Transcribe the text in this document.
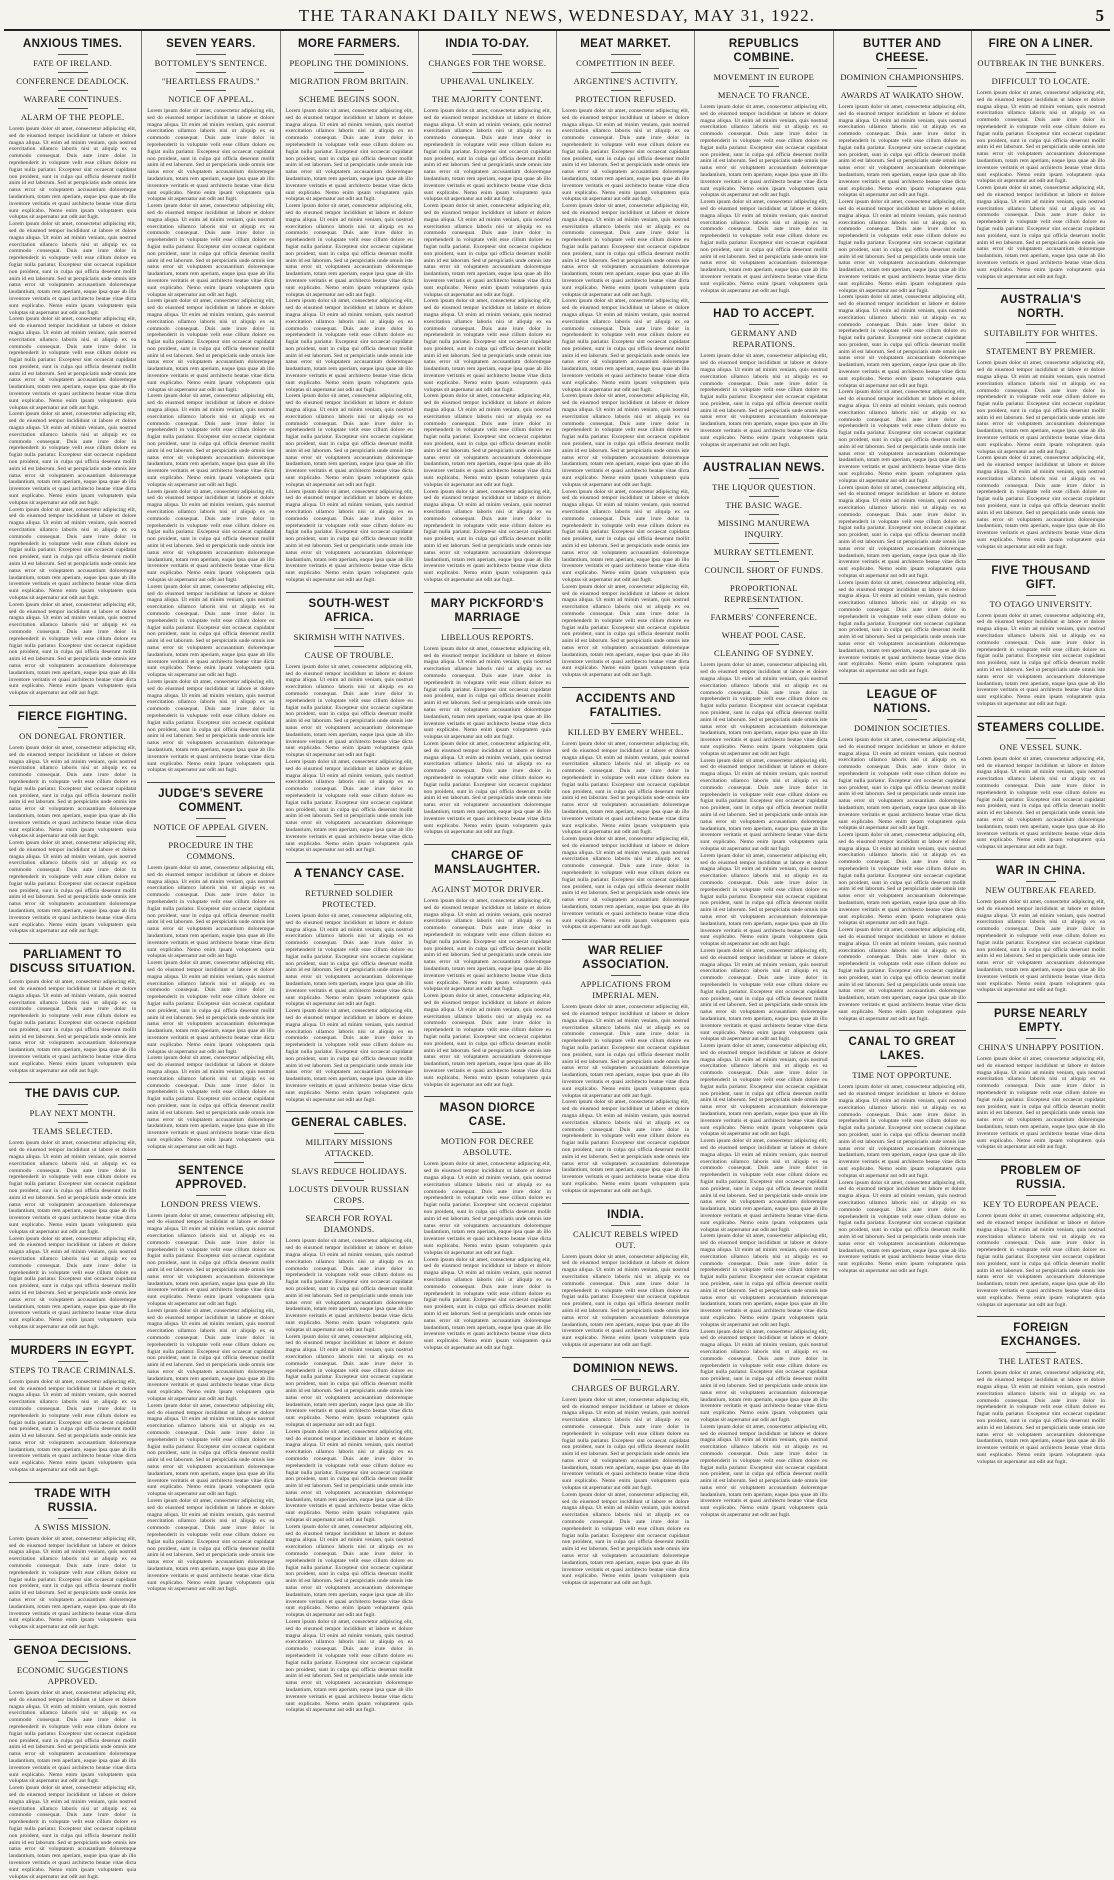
THE TARANAKI DAILY NEWS, WEDNESDAY, MAY 31, 1922.	5
ANXIOUS TIMES.
FATE OF IRELAND.
CONFERENCE DEADLOCK.
WARFARE CONTINUES.
ALARM OF THE PEOPLE.

Lorem ipsum dolor sit amet, consectetur adipiscing elit, sed do eiusmod tempor incididunt ut labore et dolore magna aliqua. Ut enim ad minim veniam, quis nostrud exercitation ullamco laboris nisi ut aliquip ex ea commodo consequat. Duis aute irure dolor in reprehenderit in voluptate velit esse cillum dolore eu fugiat nulla pariatur. Excepteur sint occaecat cupidatat non proident, sunt in culpa qui officia deserunt mollit anim id est laborum. Sed ut perspiciatis unde omnis iste natus error sit voluptatem accusantium doloremque laudantium, totam rem aperiam, eaque ipsa quae ab illo inventore veritatis et quasi architecto beatae vitae dicta sunt explicabo. Nemo enim ipsam voluptatem quia voluptas sit aspernatur aut odit aut fugit.

Lorem ipsum dolor sit amet, consectetur adipiscing elit, sed do eiusmod tempor incididunt ut labore et dolore magna aliqua. Ut enim ad minim veniam, quis nostrud exercitation ullamco laboris nisi ut aliquip ex ea commodo consequat. Duis aute irure dolor in reprehenderit in voluptate velit esse cillum dolore eu fugiat nulla pariatur. Excepteur sint occaecat cupidatat non proident, sunt in culpa qui officia deserunt mollit anim id est laborum. Sed ut perspiciatis unde omnis iste natus error sit voluptatem accusantium doloremque laudantium, totam rem aperiam, eaque ipsa quae ab illo inventore veritatis et quasi architecto beatae vitae dicta sunt explicabo. Nemo enim ipsam voluptatem quia voluptas sit aspernatur aut odit aut fugit.

Lorem ipsum dolor sit amet, consectetur adipiscing elit, sed do eiusmod tempor incididunt ut labore et dolore magna aliqua. Ut enim ad minim veniam, quis nostrud exercitation ullamco laboris nisi ut aliquip ex ea commodo consequat. Duis aute irure dolor in reprehenderit in voluptate velit esse cillum dolore eu fugiat nulla pariatur. Excepteur sint occaecat cupidatat non proident, sunt in culpa qui officia deserunt mollit anim id est laborum. Sed ut perspiciatis unde omnis iste natus error sit voluptatem accusantium doloremque laudantium, totam rem aperiam, eaque ipsa quae ab illo inventore veritatis et quasi architecto beatae vitae dicta sunt explicabo. Nemo enim ipsam voluptatem quia voluptas sit aspernatur aut odit aut fugit.

Lorem ipsum dolor sit amet, consectetur adipiscing elit, sed do eiusmod tempor incididunt ut labore et dolore magna aliqua. Ut enim ad minim veniam, quis nostrud exercitation ullamco laboris nisi ut aliquip ex ea commodo consequat. Duis aute irure dolor in reprehenderit in voluptate velit esse cillum dolore eu fugiat nulla pariatur. Excepteur sint occaecat cupidatat non proident, sunt in culpa qui officia deserunt mollit anim id est laborum. Sed ut perspiciatis unde omnis iste natus error sit voluptatem accusantium doloremque laudantium, totam rem aperiam, eaque ipsa quae ab illo inventore veritatis et quasi architecto beatae vitae dicta sunt explicabo. Nemo enim ipsam voluptatem quia voluptas sit aspernatur aut odit aut fugit.

Lorem ipsum dolor sit amet, consectetur adipiscing elit, sed do eiusmod tempor incididunt ut labore et dolore magna aliqua. Ut enim ad minim veniam, quis nostrud exercitation ullamco laboris nisi ut aliquip ex ea commodo consequat. Duis aute irure dolor in reprehenderit in voluptate velit esse cillum dolore eu fugiat nulla pariatur. Excepteur sint occaecat cupidatat non proident, sunt in culpa qui officia deserunt mollit anim id est laborum. Sed ut perspiciatis unde omnis iste natus error sit voluptatem accusantium doloremque laudantium, totam rem aperiam, eaque ipsa quae ab illo inventore veritatis et quasi architecto beatae vitae dicta sunt explicabo. Nemo enim ipsam voluptatem quia voluptas sit aspernatur aut odit aut fugit.

Lorem ipsum dolor sit amet, consectetur adipiscing elit, sed do eiusmod tempor incididunt ut labore et dolore magna aliqua. Ut enim ad minim veniam, quis nostrud exercitation ullamco laboris nisi ut aliquip ex ea commodo consequat. Duis aute irure dolor in reprehenderit in voluptate velit esse cillum dolore eu fugiat nulla pariatur. Excepteur sint occaecat cupidatat non proident, sunt in culpa qui officia deserunt mollit anim id est laborum. Sed ut perspiciatis unde omnis iste natus error sit voluptatem accusantium doloremque laudantium, totam rem aperiam, eaque ipsa quae ab illo inventore veritatis et quasi architecto beatae vitae dicta sunt explicabo. Nemo enim ipsam voluptatem quia voluptas sit aspernatur aut odit aut fugit.

FIERCE FIGHTING.
ON DONEGAL FRONTIER.

Lorem ipsum dolor sit amet, consectetur adipiscing elit, sed do eiusmod tempor incididunt ut labore et dolore magna aliqua. Ut enim ad minim veniam, quis nostrud exercitation ullamco laboris nisi ut aliquip ex ea commodo consequat. Duis aute irure dolor in reprehenderit in voluptate velit esse cillum dolore eu fugiat nulla pariatur. Excepteur sint occaecat cupidatat non proident, sunt in culpa qui officia deserunt mollit anim id est laborum. Sed ut perspiciatis unde omnis iste natus error sit voluptatem accusantium doloremque laudantium, totam rem aperiam, eaque ipsa quae ab illo inventore veritatis et quasi architecto beatae vitae dicta sunt explicabo. Nemo enim ipsam voluptatem quia voluptas sit aspernatur aut odit aut fugit.

Lorem ipsum dolor sit amet, consectetur adipiscing elit, sed do eiusmod tempor incididunt ut labore et dolore magna aliqua. Ut enim ad minim veniam, quis nostrud exercitation ullamco laboris nisi ut aliquip ex ea commodo consequat. Duis aute irure dolor in reprehenderit in voluptate velit esse cillum dolore eu fugiat nulla pariatur. Excepteur sint occaecat cupidatat non proident, sunt in culpa qui officia deserunt mollit anim id est laborum. Sed ut perspiciatis unde omnis iste natus error sit voluptatem accusantium doloremque laudantium, totam rem aperiam, eaque ipsa quae ab illo inventore veritatis et quasi architecto beatae vitae dicta sunt explicabo. Nemo enim ipsam voluptatem quia voluptas sit aspernatur aut odit aut fugit.

PARLIAMENT TO DISCUSS SITUATION.

Lorem ipsum dolor sit amet, consectetur adipiscing elit, sed do eiusmod tempor incididunt ut labore et dolore magna aliqua. Ut enim ad minim veniam, quis nostrud exercitation ullamco laboris nisi ut aliquip ex ea commodo consequat. Duis aute irure dolor in reprehenderit in voluptate velit esse cillum dolore eu fugiat nulla pariatur. Excepteur sint occaecat cupidatat non proident, sunt in culpa qui officia deserunt mollit anim id est laborum. Sed ut perspiciatis unde omnis iste natus error sit voluptatem accusantium doloremque laudantium, totam rem aperiam, eaque ipsa quae ab illo inventore veritatis et quasi architecto beatae vitae dicta sunt explicabo. Nemo enim ipsam voluptatem quia voluptas sit aspernatur aut odit aut fugit.

THE DAVIS CUP.
PLAY NEXT MONTH.
TEAMS SELECTED.

Lorem ipsum dolor sit amet, consectetur adipiscing elit, sed do eiusmod tempor incididunt ut labore et dolore magna aliqua. Ut enim ad minim veniam, quis nostrud exercitation ullamco laboris nisi ut aliquip ex ea commodo consequat. Duis aute irure dolor in reprehenderit in voluptate velit esse cillum dolore eu fugiat nulla pariatur. Excepteur sint occaecat cupidatat non proident, sunt in culpa qui officia deserunt mollit anim id est laborum. Sed ut perspiciatis unde omnis iste natus error sit voluptatem accusantium doloremque laudantium, totam rem aperiam, eaque ipsa quae ab illo inventore veritatis et quasi architecto beatae vitae dicta sunt explicabo. Nemo enim ipsam voluptatem quia voluptas sit aspernatur aut odit aut fugit.

Lorem ipsum dolor sit amet, consectetur adipiscing elit, sed do eiusmod tempor incididunt ut labore et dolore magna aliqua. Ut enim ad minim veniam, quis nostrud exercitation ullamco laboris nisi ut aliquip ex ea commodo consequat. Duis aute irure dolor in reprehenderit in voluptate velit esse cillum dolore eu fugiat nulla pariatur. Excepteur sint occaecat cupidatat non proident, sunt in culpa qui officia deserunt mollit anim id est laborum. Sed ut perspiciatis unde omnis iste natus error sit voluptatem accusantium doloremque laudantium, totam rem aperiam, eaque ipsa quae ab illo inventore veritatis et quasi architecto beatae vitae dicta sunt explicabo. Nemo enim ipsam voluptatem quia voluptas sit aspernatur aut odit aut fugit.

MURDERS IN EGYPT.
STEPS TO TRACE CRIMINALS.

Lorem ipsum dolor sit amet, consectetur adipiscing elit, sed do eiusmod tempor incididunt ut labore et dolore magna aliqua. Ut enim ad minim veniam, quis nostrud exercitation ullamco laboris nisi ut aliquip ex ea commodo consequat. Duis aute irure dolor in reprehenderit in voluptate velit esse cillum dolore eu fugiat nulla pariatur. Excepteur sint occaecat cupidatat non proident, sunt in culpa qui officia deserunt mollit anim id est laborum. Sed ut perspiciatis unde omnis iste natus error sit voluptatem accusantium doloremque laudantium, totam rem aperiam, eaque ipsa quae ab illo inventore veritatis et quasi architecto beatae vitae dicta sunt explicabo. Nemo enim ipsam voluptatem quia voluptas sit aspernatur aut odit aut fugit.

TRADE WITH RUSSIA.
A SWISS MISSION.

Lorem ipsum dolor sit amet, consectetur adipiscing elit, sed do eiusmod tempor incididunt ut labore et dolore magna aliqua. Ut enim ad minim veniam, quis nostrud exercitation ullamco laboris nisi ut aliquip ex ea commodo consequat. Duis aute irure dolor in reprehenderit in voluptate velit esse cillum dolore eu fugiat nulla pariatur. Excepteur sint occaecat cupidatat non proident, sunt in culpa qui officia deserunt mollit anim id est laborum. Sed ut perspiciatis unde omnis iste natus error sit voluptatem accusantium doloremque laudantium, totam rem aperiam, eaque ipsa quae ab illo inventore veritatis et quasi architecto beatae vitae dicta sunt explicabo. Nemo enim ipsam voluptatem quia voluptas sit aspernatur aut odit aut fugit.

GENOA DECISIONS.
ECONOMIC SUGGESTIONS APPROVED.

Lorem ipsum dolor sit amet, consectetur adipiscing elit, sed do eiusmod tempor incididunt ut labore et dolore magna aliqua. Ut enim ad minim veniam, quis nostrud exercitation ullamco laboris nisi ut aliquip ex ea commodo consequat. Duis aute irure dolor in reprehenderit in voluptate velit esse cillum dolore eu fugiat nulla pariatur. Excepteur sint occaecat cupidatat non proident, sunt in culpa qui officia deserunt mollit anim id est laborum. Sed ut perspiciatis unde omnis iste natus error sit voluptatem accusantium doloremque laudantium, totam rem aperiam, eaque ipsa quae ab illo inventore veritatis et quasi architecto beatae vitae dicta sunt explicabo. Nemo enim ipsam voluptatem quia voluptas sit aspernatur aut odit aut fugit.

Lorem ipsum dolor sit amet, consectetur adipiscing elit, sed do eiusmod tempor incididunt ut labore et dolore magna aliqua. Ut enim ad minim veniam, quis nostrud exercitation ullamco laboris nisi ut aliquip ex ea commodo consequat. Duis aute irure dolor in reprehenderit in voluptate velit esse cillum dolore eu fugiat nulla pariatur. Excepteur sint occaecat cupidatat non proident, sunt in culpa qui officia deserunt mollit anim id est laborum. Sed ut perspiciatis unde omnis iste natus error sit voluptatem accusantium doloremque laudantium, totam rem aperiam, eaque ipsa quae ab illo inventore veritatis et quasi architecto beatae vitae dicta sunt explicabo. Nemo enim ipsam voluptatem quia voluptas sit aspernatur aut odit aut fugit.

SEVEN YEARS.
BOTTOMLEY'S SENTENCE.
"HEARTLESS FRAUDS."
NOTICE OF APPEAL.

Lorem ipsum dolor sit amet, consectetur adipiscing elit, sed do eiusmod tempor incididunt ut labore et dolore magna aliqua. Ut enim ad minim veniam, quis nostrud exercitation ullamco laboris nisi ut aliquip ex ea commodo consequat. Duis aute irure dolor in reprehenderit in voluptate velit esse cillum dolore eu fugiat nulla pariatur. Excepteur sint occaecat cupidatat non proident, sunt in culpa qui officia deserunt mollit anim id est laborum. Sed ut perspiciatis unde omnis iste natus error sit voluptatem accusantium doloremque laudantium, totam rem aperiam, eaque ipsa quae ab illo inventore veritatis et quasi architecto beatae vitae dicta sunt explicabo. Nemo enim ipsam voluptatem quia voluptas sit aspernatur aut odit aut fugit.

Lorem ipsum dolor sit amet, consectetur adipiscing elit, sed do eiusmod tempor incididunt ut labore et dolore magna aliqua. Ut enim ad minim veniam, quis nostrud exercitation ullamco laboris nisi ut aliquip ex ea commodo consequat. Duis aute irure dolor in reprehenderit in voluptate velit esse cillum dolore eu fugiat nulla pariatur. Excepteur sint occaecat cupidatat non proident, sunt in culpa qui officia deserunt mollit anim id est laborum. Sed ut perspiciatis unde omnis iste natus error sit voluptatem accusantium doloremque laudantium, totam rem aperiam, eaque ipsa quae ab illo inventore veritatis et quasi architecto beatae vitae dicta sunt explicabo. Nemo enim ipsam voluptatem quia voluptas sit aspernatur aut odit aut fugit.

Lorem ipsum dolor sit amet, consectetur adipiscing elit, sed do eiusmod tempor incididunt ut labore et dolore magna aliqua. Ut enim ad minim veniam, quis nostrud exercitation ullamco laboris nisi ut aliquip ex ea commodo consequat. Duis aute irure dolor in reprehenderit in voluptate velit esse cillum dolore eu fugiat nulla pariatur. Excepteur sint occaecat cupidatat non proident, sunt in culpa qui officia deserunt mollit anim id est laborum. Sed ut perspiciatis unde omnis iste natus error sit voluptatem accusantium doloremque laudantium, totam rem aperiam, eaque ipsa quae ab illo inventore veritatis et quasi architecto beatae vitae dicta sunt explicabo. Nemo enim ipsam voluptatem quia voluptas sit aspernatur aut odit aut fugit.

Lorem ipsum dolor sit amet, consectetur adipiscing elit, sed do eiusmod tempor incididunt ut labore et dolore magna aliqua. Ut enim ad minim veniam, quis nostrud exercitation ullamco laboris nisi ut aliquip ex ea commodo consequat. Duis aute irure dolor in reprehenderit in voluptate velit esse cillum dolore eu fugiat nulla pariatur. Excepteur sint occaecat cupidatat non proident, sunt in culpa qui officia deserunt mollit anim id est laborum. Sed ut perspiciatis unde omnis iste natus error sit voluptatem accusantium doloremque laudantium, totam rem aperiam, eaque ipsa quae ab illo inventore veritatis et quasi architecto beatae vitae dicta sunt explicabo. Nemo enim ipsam voluptatem quia voluptas sit aspernatur aut odit aut fugit.

Lorem ipsum dolor sit amet, consectetur adipiscing elit, sed do eiusmod tempor incididunt ut labore et dolore magna aliqua. Ut enim ad minim veniam, quis nostrud exercitation ullamco laboris nisi ut aliquip ex ea commodo consequat. Duis aute irure dolor in reprehenderit in voluptate velit esse cillum dolore eu fugiat nulla pariatur. Excepteur sint occaecat cupidatat non proident, sunt in culpa qui officia deserunt mollit anim id est laborum. Sed ut perspiciatis unde omnis iste natus error sit voluptatem accusantium doloremque laudantium, totam rem aperiam, eaque ipsa quae ab illo inventore veritatis et quasi architecto beatae vitae dicta sunt explicabo. Nemo enim ipsam voluptatem quia voluptas sit aspernatur aut odit aut fugit.

Lorem ipsum dolor sit amet, consectetur adipiscing elit, sed do eiusmod tempor incididunt ut labore et dolore magna aliqua. Ut enim ad minim veniam, quis nostrud exercitation ullamco laboris nisi ut aliquip ex ea commodo consequat. Duis aute irure dolor in reprehenderit in voluptate velit esse cillum dolore eu fugiat nulla pariatur. Excepteur sint occaecat cupidatat non proident, sunt in culpa qui officia deserunt mollit anim id est laborum. Sed ut perspiciatis unde omnis iste natus error sit voluptatem accusantium doloremque laudantium, totam rem aperiam, eaque ipsa quae ab illo inventore veritatis et quasi architecto beatae vitae dicta sunt explicabo. Nemo enim ipsam voluptatem quia voluptas sit aspernatur aut odit aut fugit.

Lorem ipsum dolor sit amet, consectetur adipiscing elit, sed do eiusmod tempor incididunt ut labore et dolore magna aliqua. Ut enim ad minim veniam, quis nostrud exercitation ullamco laboris nisi ut aliquip ex ea commodo consequat. Duis aute irure dolor in reprehenderit in voluptate velit esse cillum dolore eu fugiat nulla pariatur. Excepteur sint occaecat cupidatat non proident, sunt in culpa qui officia deserunt mollit anim id est laborum. Sed ut perspiciatis unde omnis iste natus error sit voluptatem accusantium doloremque laudantium, totam rem aperiam, eaque ipsa quae ab illo inventore veritatis et quasi architecto beatae vitae dicta sunt explicabo. Nemo enim ipsam voluptatem quia voluptas sit aspernatur aut odit aut fugit.

JUDGE'S SEVERE COMMENT.
NOTICE OF APPEAL GIVEN.
PROCEDURE IN THE COMMONS.

Lorem ipsum dolor sit amet, consectetur adipiscing elit, sed do eiusmod tempor incididunt ut labore et dolore magna aliqua. Ut enim ad minim veniam, quis nostrud exercitation ullamco laboris nisi ut aliquip ex ea commodo consequat. Duis aute irure dolor in reprehenderit in voluptate velit esse cillum dolore eu fugiat nulla pariatur. Excepteur sint occaecat cupidatat non proident, sunt in culpa qui officia deserunt mollit anim id est laborum. Sed ut perspiciatis unde omnis iste natus error sit voluptatem accusantium doloremque laudantium, totam rem aperiam, eaque ipsa quae ab illo inventore veritatis et quasi architecto beatae vitae dicta sunt explicabo. Nemo enim ipsam voluptatem quia voluptas sit aspernatur aut odit aut fugit.

Lorem ipsum dolor sit amet, consectetur adipiscing elit, sed do eiusmod tempor incididunt ut labore et dolore magna aliqua. Ut enim ad minim veniam, quis nostrud exercitation ullamco laboris nisi ut aliquip ex ea commodo consequat. Duis aute irure dolor in reprehenderit in voluptate velit esse cillum dolore eu fugiat nulla pariatur. Excepteur sint occaecat cupidatat non proident, sunt in culpa qui officia deserunt mollit anim id est laborum. Sed ut perspiciatis unde omnis iste natus error sit voluptatem accusantium doloremque laudantium, totam rem aperiam, eaque ipsa quae ab illo inventore veritatis et quasi architecto beatae vitae dicta sunt explicabo. Nemo enim ipsam voluptatem quia voluptas sit aspernatur aut odit aut fugit.

Lorem ipsum dolor sit amet, consectetur adipiscing elit, sed do eiusmod tempor incididunt ut labore et dolore magna aliqua. Ut enim ad minim veniam, quis nostrud exercitation ullamco laboris nisi ut aliquip ex ea commodo consequat. Duis aute irure dolor in reprehenderit in voluptate velit esse cillum dolore eu fugiat nulla pariatur. Excepteur sint occaecat cupidatat non proident, sunt in culpa qui officia deserunt mollit anim id est laborum. Sed ut perspiciatis unde omnis iste natus error sit voluptatem accusantium doloremque laudantium, totam rem aperiam, eaque ipsa quae ab illo inventore veritatis et quasi architecto beatae vitae dicta sunt explicabo. Nemo enim ipsam voluptatem quia voluptas sit aspernatur aut odit aut fugit.

SENTENCE APPROVED.
LONDON PRESS VIEWS.

Lorem ipsum dolor sit amet, consectetur adipiscing elit, sed do eiusmod tempor incididunt ut labore et dolore magna aliqua. Ut enim ad minim veniam, quis nostrud exercitation ullamco laboris nisi ut aliquip ex ea commodo consequat. Duis aute irure dolor in reprehenderit in voluptate velit esse cillum dolore eu fugiat nulla pariatur. Excepteur sint occaecat cupidatat non proident, sunt in culpa qui officia deserunt mollit anim id est laborum. Sed ut perspiciatis unde omnis iste natus error sit voluptatem accusantium doloremque laudantium, totam rem aperiam, eaque ipsa quae ab illo inventore veritatis et quasi architecto beatae vitae dicta sunt explicabo. Nemo enim ipsam voluptatem quia voluptas sit aspernatur aut odit aut fugit.

Lorem ipsum dolor sit amet, consectetur adipiscing elit, sed do eiusmod tempor incididunt ut labore et dolore magna aliqua. Ut enim ad minim veniam, quis nostrud exercitation ullamco laboris nisi ut aliquip ex ea commodo consequat. Duis aute irure dolor in reprehenderit in voluptate velit esse cillum dolore eu fugiat nulla pariatur. Excepteur sint occaecat cupidatat non proident, sunt in culpa qui officia deserunt mollit anim id est laborum. Sed ut perspiciatis unde omnis iste natus error sit voluptatem accusantium doloremque laudantium, totam rem aperiam, eaque ipsa quae ab illo inventore veritatis et quasi architecto beatae vitae dicta sunt explicabo. Nemo enim ipsam voluptatem quia voluptas sit aspernatur aut odit aut fugit.

Lorem ipsum dolor sit amet, consectetur adipiscing elit, sed do eiusmod tempor incididunt ut labore et dolore magna aliqua. Ut enim ad minim veniam, quis nostrud exercitation ullamco laboris nisi ut aliquip ex ea commodo consequat. Duis aute irure dolor in reprehenderit in voluptate velit esse cillum dolore eu fugiat nulla pariatur. Excepteur sint occaecat cupidatat non proident, sunt in culpa qui officia deserunt mollit anim id est laborum. Sed ut perspiciatis unde omnis iste natus error sit voluptatem accusantium doloremque laudantium, totam rem aperiam, eaque ipsa quae ab illo inventore veritatis et quasi architecto beatae vitae dicta sunt explicabo. Nemo enim ipsam voluptatem quia voluptas sit aspernatur aut odit aut fugit.

Lorem ipsum dolor sit amet, consectetur adipiscing elit, sed do eiusmod tempor incididunt ut labore et dolore magna aliqua. Ut enim ad minim veniam, quis nostrud exercitation ullamco laboris nisi ut aliquip ex ea commodo consequat. Duis aute irure dolor in reprehenderit in voluptate velit esse cillum dolore eu fugiat nulla pariatur. Excepteur sint occaecat cupidatat non proident, sunt in culpa qui officia deserunt mollit anim id est laborum. Sed ut perspiciatis unde omnis iste natus error sit voluptatem accusantium doloremque laudantium, totam rem aperiam, eaque ipsa quae ab illo inventore veritatis et quasi architecto beatae vitae dicta sunt explicabo. Nemo enim ipsam voluptatem quia voluptas sit aspernatur aut odit aut fugit.

MORE FARMERS.
PEOPLING THE DOMINIONS.
MIGRATION FROM BRITAIN.
SCHEME BEGINS SOON.

Lorem ipsum dolor sit amet, consectetur adipiscing elit, sed do eiusmod tempor incididunt ut labore et dolore magna aliqua. Ut enim ad minim veniam, quis nostrud exercitation ullamco laboris nisi ut aliquip ex ea commodo consequat. Duis aute irure dolor in reprehenderit in voluptate velit esse cillum dolore eu fugiat nulla pariatur. Excepteur sint occaecat cupidatat non proident, sunt in culpa qui officia deserunt mollit anim id est laborum. Sed ut perspiciatis unde omnis iste natus error sit voluptatem accusantium doloremque laudantium, totam rem aperiam, eaque ipsa quae ab illo inventore veritatis et quasi architecto beatae vitae dicta sunt explicabo. Nemo enim ipsam voluptatem quia voluptas sit aspernatur aut odit aut fugit.

Lorem ipsum dolor sit amet, consectetur adipiscing elit, sed do eiusmod tempor incididunt ut labore et dolore magna aliqua. Ut enim ad minim veniam, quis nostrud exercitation ullamco laboris nisi ut aliquip ex ea commodo consequat. Duis aute irure dolor in reprehenderit in voluptate velit esse cillum dolore eu fugiat nulla pariatur. Excepteur sint occaecat cupidatat non proident, sunt in culpa qui officia deserunt mollit anim id est laborum. Sed ut perspiciatis unde omnis iste natus error sit voluptatem accusantium doloremque laudantium, totam rem aperiam, eaque ipsa quae ab illo inventore veritatis et quasi architecto beatae vitae dicta sunt explicabo. Nemo enim ipsam voluptatem quia voluptas sit aspernatur aut odit aut fugit.

Lorem ipsum dolor sit amet, consectetur adipiscing elit, sed do eiusmod tempor incididunt ut labore et dolore magna aliqua. Ut enim ad minim veniam, quis nostrud exercitation ullamco laboris nisi ut aliquip ex ea commodo consequat. Duis aute irure dolor in reprehenderit in voluptate velit esse cillum dolore eu fugiat nulla pariatur. Excepteur sint occaecat cupidatat non proident, sunt in culpa qui officia deserunt mollit anim id est laborum. Sed ut perspiciatis unde omnis iste natus error sit voluptatem accusantium doloremque laudantium, totam rem aperiam, eaque ipsa quae ab illo inventore veritatis et quasi architecto beatae vitae dicta sunt explicabo. Nemo enim ipsam voluptatem quia voluptas sit aspernatur aut odit aut fugit.

Lorem ipsum dolor sit amet, consectetur adipiscing elit, sed do eiusmod tempor incididunt ut labore et dolore magna aliqua. Ut enim ad minim veniam, quis nostrud exercitation ullamco laboris nisi ut aliquip ex ea commodo consequat. Duis aute irure dolor in reprehenderit in voluptate velit esse cillum dolore eu fugiat nulla pariatur. Excepteur sint occaecat cupidatat non proident, sunt in culpa qui officia deserunt mollit anim id est laborum. Sed ut perspiciatis unde omnis iste natus error sit voluptatem accusantium doloremque laudantium, totam rem aperiam, eaque ipsa quae ab illo inventore veritatis et quasi architecto beatae vitae dicta sunt explicabo. Nemo enim ipsam voluptatem quia voluptas sit aspernatur aut odit aut fugit.

Lorem ipsum dolor sit amet, consectetur adipiscing elit, sed do eiusmod tempor incididunt ut labore et dolore magna aliqua. Ut enim ad minim veniam, quis nostrud exercitation ullamco laboris nisi ut aliquip ex ea commodo consequat. Duis aute irure dolor in reprehenderit in voluptate velit esse cillum dolore eu fugiat nulla pariatur. Excepteur sint occaecat cupidatat non proident, sunt in culpa qui officia deserunt mollit anim id est laborum. Sed ut perspiciatis unde omnis iste natus error sit voluptatem accusantium doloremque laudantium, totam rem aperiam, eaque ipsa quae ab illo inventore veritatis et quasi architecto beatae vitae dicta sunt explicabo. Nemo enim ipsam voluptatem quia voluptas sit aspernatur aut odit aut fugit.

SOUTH-WEST AFRICA.
SKIRMISH WITH NATIVES.
CAUSE OF TROUBLE.

Lorem ipsum dolor sit amet, consectetur adipiscing elit, sed do eiusmod tempor incididunt ut labore et dolore magna aliqua. Ut enim ad minim veniam, quis nostrud exercitation ullamco laboris nisi ut aliquip ex ea commodo consequat. Duis aute irure dolor in reprehenderit in voluptate velit esse cillum dolore eu fugiat nulla pariatur. Excepteur sint occaecat cupidatat non proident, sunt in culpa qui officia deserunt mollit anim id est laborum. Sed ut perspiciatis unde omnis iste natus error sit voluptatem accusantium doloremque laudantium, totam rem aperiam, eaque ipsa quae ab illo inventore veritatis et quasi architecto beatae vitae dicta sunt explicabo. Nemo enim ipsam voluptatem quia voluptas sit aspernatur aut odit aut fugit.

Lorem ipsum dolor sit amet, consectetur adipiscing elit, sed do eiusmod tempor incididunt ut labore et dolore magna aliqua. Ut enim ad minim veniam, quis nostrud exercitation ullamco laboris nisi ut aliquip ex ea commodo consequat. Duis aute irure dolor in reprehenderit in voluptate velit esse cillum dolore eu fugiat nulla pariatur. Excepteur sint occaecat cupidatat non proident, sunt in culpa qui officia deserunt mollit anim id est laborum. Sed ut perspiciatis unde omnis iste natus error sit voluptatem accusantium doloremque laudantium, totam rem aperiam, eaque ipsa quae ab illo inventore veritatis et quasi architecto beatae vitae dicta sunt explicabo. Nemo enim ipsam voluptatem quia voluptas sit aspernatur aut odit aut fugit.

A TENANCY CASE.
RETURNED SOLDIER PROTECTED.

Lorem ipsum dolor sit amet, consectetur adipiscing elit, sed do eiusmod tempor incididunt ut labore et dolore magna aliqua. Ut enim ad minim veniam, quis nostrud exercitation ullamco laboris nisi ut aliquip ex ea commodo consequat. Duis aute irure dolor in reprehenderit in voluptate velit esse cillum dolore eu fugiat nulla pariatur. Excepteur sint occaecat cupidatat non proident, sunt in culpa qui officia deserunt mollit anim id est laborum. Sed ut perspiciatis unde omnis iste natus error sit voluptatem accusantium doloremque laudantium, totam rem aperiam, eaque ipsa quae ab illo inventore veritatis et quasi architecto beatae vitae dicta sunt explicabo. Nemo enim ipsam voluptatem quia voluptas sit aspernatur aut odit aut fugit.

Lorem ipsum dolor sit amet, consectetur adipiscing elit, sed do eiusmod tempor incididunt ut labore et dolore magna aliqua. Ut enim ad minim veniam, quis nostrud exercitation ullamco laboris nisi ut aliquip ex ea commodo consequat. Duis aute irure dolor in reprehenderit in voluptate velit esse cillum dolore eu fugiat nulla pariatur. Excepteur sint occaecat cupidatat non proident, sunt in culpa qui officia deserunt mollit anim id est laborum. Sed ut perspiciatis unde omnis iste natus error sit voluptatem accusantium doloremque laudantium, totam rem aperiam, eaque ipsa quae ab illo inventore veritatis et quasi architecto beatae vitae dicta sunt explicabo. Nemo enim ipsam voluptatem quia voluptas sit aspernatur aut odit aut fugit.

GENERAL CABLES.
MILITARY MISSIONS ATTACKED.
SLAVS REDUCE HOLIDAYS.
LOCUSTS DEVOUR RUSSIAN CROPS.
SEARCH FOR ROYAL DIAMONDS.

Lorem ipsum dolor sit amet, consectetur adipiscing elit, sed do eiusmod tempor incididunt ut labore et dolore magna aliqua. Ut enim ad minim veniam, quis nostrud exercitation ullamco laboris nisi ut aliquip ex ea commodo consequat. Duis aute irure dolor in reprehenderit in voluptate velit esse cillum dolore eu fugiat nulla pariatur. Excepteur sint occaecat cupidatat non proident, sunt in culpa qui officia deserunt mollit anim id est laborum. Sed ut perspiciatis unde omnis iste natus error sit voluptatem accusantium doloremque laudantium, totam rem aperiam, eaque ipsa quae ab illo inventore veritatis et quasi architecto beatae vitae dicta sunt explicabo. Nemo enim ipsam voluptatem quia voluptas sit aspernatur aut odit aut fugit.

Lorem ipsum dolor sit amet, consectetur adipiscing elit, sed do eiusmod tempor incididunt ut labore et dolore magna aliqua. Ut enim ad minim veniam, quis nostrud exercitation ullamco laboris nisi ut aliquip ex ea commodo consequat. Duis aute irure dolor in reprehenderit in voluptate velit esse cillum dolore eu fugiat nulla pariatur. Excepteur sint occaecat cupidatat non proident, sunt in culpa qui officia deserunt mollit anim id est laborum. Sed ut perspiciatis unde omnis iste natus error sit voluptatem accusantium doloremque laudantium, totam rem aperiam, eaque ipsa quae ab illo inventore veritatis et quasi architecto beatae vitae dicta sunt explicabo. Nemo enim ipsam voluptatem quia voluptas sit aspernatur aut odit aut fugit.

Lorem ipsum dolor sit amet, consectetur adipiscing elit, sed do eiusmod tempor incididunt ut labore et dolore magna aliqua. Ut enim ad minim veniam, quis nostrud exercitation ullamco laboris nisi ut aliquip ex ea commodo consequat. Duis aute irure dolor in reprehenderit in voluptate velit esse cillum dolore eu fugiat nulla pariatur. Excepteur sint occaecat cupidatat non proident, sunt in culpa qui officia deserunt mollit anim id est laborum. Sed ut perspiciatis unde omnis iste natus error sit voluptatem accusantium doloremque laudantium, totam rem aperiam, eaque ipsa quae ab illo inventore veritatis et quasi architecto beatae vitae dicta sunt explicabo. Nemo enim ipsam voluptatem quia voluptas sit aspernatur aut odit aut fugit.

Lorem ipsum dolor sit amet, consectetur adipiscing elit, sed do eiusmod tempor incididunt ut labore et dolore magna aliqua. Ut enim ad minim veniam, quis nostrud exercitation ullamco laboris nisi ut aliquip ex ea commodo consequat. Duis aute irure dolor in reprehenderit in voluptate velit esse cillum dolore eu fugiat nulla pariatur. Excepteur sint occaecat cupidatat non proident, sunt in culpa qui officia deserunt mollit anim id est laborum. Sed ut perspiciatis unde omnis iste natus error sit voluptatem accusantium doloremque laudantium, totam rem aperiam, eaque ipsa quae ab illo inventore veritatis et quasi architecto beatae vitae dicta sunt explicabo. Nemo enim ipsam voluptatem quia voluptas sit aspernatur aut odit aut fugit.

Lorem ipsum dolor sit amet, consectetur adipiscing elit, sed do eiusmod tempor incididunt ut labore et dolore magna aliqua. Ut enim ad minim veniam, quis nostrud exercitation ullamco laboris nisi ut aliquip ex ea commodo consequat. Duis aute irure dolor in reprehenderit in voluptate velit esse cillum dolore eu fugiat nulla pariatur. Excepteur sint occaecat cupidatat non proident, sunt in culpa qui officia deserunt mollit anim id est laborum. Sed ut perspiciatis unde omnis iste natus error sit voluptatem accusantium doloremque laudantium, totam rem aperiam, eaque ipsa quae ab illo inventore veritatis et quasi architecto beatae vitae dicta sunt explicabo. Nemo enim ipsam voluptatem quia voluptas sit aspernatur aut odit aut fugit.

INDIA TO-DAY.
CHANGES FOR THE WORSE.
UPHEAVAL UNLIKELY.
THE MAJORITY CONTENT.

Lorem ipsum dolor sit amet, consectetur adipiscing elit, sed do eiusmod tempor incididunt ut labore et dolore magna aliqua. Ut enim ad minim veniam, quis nostrud exercitation ullamco laboris nisi ut aliquip ex ea commodo consequat. Duis aute irure dolor in reprehenderit in voluptate velit esse cillum dolore eu fugiat nulla pariatur. Excepteur sint occaecat cupidatat non proident, sunt in culpa qui officia deserunt mollit anim id est laborum. Sed ut perspiciatis unde omnis iste natus error sit voluptatem accusantium doloremque laudantium, totam rem aperiam, eaque ipsa quae ab illo inventore veritatis et quasi architecto beatae vitae dicta sunt explicabo. Nemo enim ipsam voluptatem quia voluptas sit aspernatur aut odit aut fugit.

Lorem ipsum dolor sit amet, consectetur adipiscing elit, sed do eiusmod tempor incididunt ut labore et dolore magna aliqua. Ut enim ad minim veniam, quis nostrud exercitation ullamco laboris nisi ut aliquip ex ea commodo consequat. Duis aute irure dolor in reprehenderit in voluptate velit esse cillum dolore eu fugiat nulla pariatur. Excepteur sint occaecat cupidatat non proident, sunt in culpa qui officia deserunt mollit anim id est laborum. Sed ut perspiciatis unde omnis iste natus error sit voluptatem accusantium doloremque laudantium, totam rem aperiam, eaque ipsa quae ab illo inventore veritatis et quasi architecto beatae vitae dicta sunt explicabo. Nemo enim ipsam voluptatem quia voluptas sit aspernatur aut odit aut fugit.

Lorem ipsum dolor sit amet, consectetur adipiscing elit, sed do eiusmod tempor incididunt ut labore et dolore magna aliqua. Ut enim ad minim veniam, quis nostrud exercitation ullamco laboris nisi ut aliquip ex ea commodo consequat. Duis aute irure dolor in reprehenderit in voluptate velit esse cillum dolore eu fugiat nulla pariatur. Excepteur sint occaecat cupidatat non proident, sunt in culpa qui officia deserunt mollit anim id est laborum. Sed ut perspiciatis unde omnis iste natus error sit voluptatem accusantium doloremque laudantium, totam rem aperiam, eaque ipsa quae ab illo inventore veritatis et quasi architecto beatae vitae dicta sunt explicabo. Nemo enim ipsam voluptatem quia voluptas sit aspernatur aut odit aut fugit.

Lorem ipsum dolor sit amet, consectetur adipiscing elit, sed do eiusmod tempor incididunt ut labore et dolore magna aliqua. Ut enim ad minim veniam, quis nostrud exercitation ullamco laboris nisi ut aliquip ex ea commodo consequat. Duis aute irure dolor in reprehenderit in voluptate velit esse cillum dolore eu fugiat nulla pariatur. Excepteur sint occaecat cupidatat non proident, sunt in culpa qui officia deserunt mollit anim id est laborum. Sed ut perspiciatis unde omnis iste natus error sit voluptatem accusantium doloremque laudantium, totam rem aperiam, eaque ipsa quae ab illo inventore veritatis et quasi architecto beatae vitae dicta sunt explicabo. Nemo enim ipsam voluptatem quia voluptas sit aspernatur aut odit aut fugit.

Lorem ipsum dolor sit amet, consectetur adipiscing elit, sed do eiusmod tempor incididunt ut labore et dolore magna aliqua. Ut enim ad minim veniam, quis nostrud exercitation ullamco laboris nisi ut aliquip ex ea commodo consequat. Duis aute irure dolor in reprehenderit in voluptate velit esse cillum dolore eu fugiat nulla pariatur. Excepteur sint occaecat cupidatat non proident, sunt in culpa qui officia deserunt mollit anim id est laborum. Sed ut perspiciatis unde omnis iste natus error sit voluptatem accusantium doloremque laudantium, totam rem aperiam, eaque ipsa quae ab illo inventore veritatis et quasi architecto beatae vitae dicta sunt explicabo. Nemo enim ipsam voluptatem quia voluptas sit aspernatur aut odit aut fugit.

MARY PICKFORD'S MARRIAGE
LIBELLOUS REPORTS.

Lorem ipsum dolor sit amet, consectetur adipiscing elit, sed do eiusmod tempor incididunt ut labore et dolore magna aliqua. Ut enim ad minim veniam, quis nostrud exercitation ullamco laboris nisi ut aliquip ex ea commodo consequat. Duis aute irure dolor in reprehenderit in voluptate velit esse cillum dolore eu fugiat nulla pariatur. Excepteur sint occaecat cupidatat non proident, sunt in culpa qui officia deserunt mollit anim id est laborum. Sed ut perspiciatis unde omnis iste natus error sit voluptatem accusantium doloremque laudantium, totam rem aperiam, eaque ipsa quae ab illo inventore veritatis et quasi architecto beatae vitae dicta sunt explicabo. Nemo enim ipsam voluptatem quia voluptas sit aspernatur aut odit aut fugit.

Lorem ipsum dolor sit amet, consectetur adipiscing elit, sed do eiusmod tempor incididunt ut labore et dolore magna aliqua. Ut enim ad minim veniam, quis nostrud exercitation ullamco laboris nisi ut aliquip ex ea commodo consequat. Duis aute irure dolor in reprehenderit in voluptate velit esse cillum dolore eu fugiat nulla pariatur. Excepteur sint occaecat cupidatat non proident, sunt in culpa qui officia deserunt mollit anim id est laborum. Sed ut perspiciatis unde omnis iste natus error sit voluptatem accusantium doloremque laudantium, totam rem aperiam, eaque ipsa quae ab illo inventore veritatis et quasi architecto beatae vitae dicta sunt explicabo. Nemo enim ipsam voluptatem quia voluptas sit aspernatur aut odit aut fugit.

CHARGE OF MANSLAUGHTER.
AGAINST MOTOR DRIVER.

Lorem ipsum dolor sit amet, consectetur adipiscing elit, sed do eiusmod tempor incididunt ut labore et dolore magna aliqua. Ut enim ad minim veniam, quis nostrud exercitation ullamco laboris nisi ut aliquip ex ea commodo consequat. Duis aute irure dolor in reprehenderit in voluptate velit esse cillum dolore eu fugiat nulla pariatur. Excepteur sint occaecat cupidatat non proident, sunt in culpa qui officia deserunt mollit anim id est laborum. Sed ut perspiciatis unde omnis iste natus error sit voluptatem accusantium doloremque laudantium, totam rem aperiam, eaque ipsa quae ab illo inventore veritatis et quasi architecto beatae vitae dicta sunt explicabo. Nemo enim ipsam voluptatem quia voluptas sit aspernatur aut odit aut fugit.

Lorem ipsum dolor sit amet, consectetur adipiscing elit, sed do eiusmod tempor incididunt ut labore et dolore magna aliqua. Ut enim ad minim veniam, quis nostrud exercitation ullamco laboris nisi ut aliquip ex ea commodo consequat. Duis aute irure dolor in reprehenderit in voluptate velit esse cillum dolore eu fugiat nulla pariatur. Excepteur sint occaecat cupidatat non proident, sunt in culpa qui officia deserunt mollit anim id est laborum. Sed ut perspiciatis unde omnis iste natus error sit voluptatem accusantium doloremque laudantium, totam rem aperiam, eaque ipsa quae ab illo inventore veritatis et quasi architecto beatae vitae dicta sunt explicabo. Nemo enim ipsam voluptatem quia voluptas sit aspernatur aut odit aut fugit.

MASON DIORCE CASE.
MOTION FOR DECREE ABSOLUTE.

Lorem ipsum dolor sit amet, consectetur adipiscing elit, sed do eiusmod tempor incididunt ut labore et dolore magna aliqua. Ut enim ad minim veniam, quis nostrud exercitation ullamco laboris nisi ut aliquip ex ea commodo consequat. Duis aute irure dolor in reprehenderit in voluptate velit esse cillum dolore eu fugiat nulla pariatur. Excepteur sint occaecat cupidatat non proident, sunt in culpa qui officia deserunt mollit anim id est laborum. Sed ut perspiciatis unde omnis iste natus error sit voluptatem accusantium doloremque laudantium, totam rem aperiam, eaque ipsa quae ab illo inventore veritatis et quasi architecto beatae vitae dicta sunt explicabo. Nemo enim ipsam voluptatem quia voluptas sit aspernatur aut odit aut fugit.

Lorem ipsum dolor sit amet, consectetur adipiscing elit, sed do eiusmod tempor incididunt ut labore et dolore magna aliqua. Ut enim ad minim veniam, quis nostrud exercitation ullamco laboris nisi ut aliquip ex ea commodo consequat. Duis aute irure dolor in reprehenderit in voluptate velit esse cillum dolore eu fugiat nulla pariatur. Excepteur sint occaecat cupidatat non proident, sunt in culpa qui officia deserunt mollit anim id est laborum. Sed ut perspiciatis unde omnis iste natus error sit voluptatem accusantium doloremque laudantium, totam rem aperiam, eaque ipsa quae ab illo inventore veritatis et quasi architecto beatae vitae dicta sunt explicabo. Nemo enim ipsam voluptatem quia voluptas sit aspernatur aut odit aut fugit.

MEAT MARKET.
COMPETITION IN BEEF.
ARGENTINE'S ACTIVITY.
PROTECTION REFUSED.

Lorem ipsum dolor sit amet, consectetur adipiscing elit, sed do eiusmod tempor incididunt ut labore et dolore magna aliqua. Ut enim ad minim veniam, quis nostrud exercitation ullamco laboris nisi ut aliquip ex ea commodo consequat. Duis aute irure dolor in reprehenderit in voluptate velit esse cillum dolore eu fugiat nulla pariatur. Excepteur sint occaecat cupidatat non proident, sunt in culpa qui officia deserunt mollit anim id est laborum. Sed ut perspiciatis unde omnis iste natus error sit voluptatem accusantium doloremque laudantium, totam rem aperiam, eaque ipsa quae ab illo inventore veritatis et quasi architecto beatae vitae dicta sunt explicabo. Nemo enim ipsam voluptatem quia voluptas sit aspernatur aut odit aut fugit.

Lorem ipsum dolor sit amet, consectetur adipiscing elit, sed do eiusmod tempor incididunt ut labore et dolore magna aliqua. Ut enim ad minim veniam, quis nostrud exercitation ullamco laboris nisi ut aliquip ex ea commodo consequat. Duis aute irure dolor in reprehenderit in voluptate velit esse cillum dolore eu fugiat nulla pariatur. Excepteur sint occaecat cupidatat non proident, sunt in culpa qui officia deserunt mollit anim id est laborum. Sed ut perspiciatis unde omnis iste natus error sit voluptatem accusantium doloremque laudantium, totam rem aperiam, eaque ipsa quae ab illo inventore veritatis et quasi architecto beatae vitae dicta sunt explicabo. Nemo enim ipsam voluptatem quia voluptas sit aspernatur aut odit aut fugit.

Lorem ipsum dolor sit amet, consectetur adipiscing elit, sed do eiusmod tempor incididunt ut labore et dolore magna aliqua. Ut enim ad minim veniam, quis nostrud exercitation ullamco laboris nisi ut aliquip ex ea commodo consequat. Duis aute irure dolor in reprehenderit in voluptate velit esse cillum dolore eu fugiat nulla pariatur. Excepteur sint occaecat cupidatat non proident, sunt in culpa qui officia deserunt mollit anim id est laborum. Sed ut perspiciatis unde omnis iste natus error sit voluptatem accusantium doloremque laudantium, totam rem aperiam, eaque ipsa quae ab illo inventore veritatis et quasi architecto beatae vitae dicta sunt explicabo. Nemo enim ipsam voluptatem quia voluptas sit aspernatur aut odit aut fugit.

Lorem ipsum dolor sit amet, consectetur adipiscing elit, sed do eiusmod tempor incididunt ut labore et dolore magna aliqua. Ut enim ad minim veniam, quis nostrud exercitation ullamco laboris nisi ut aliquip ex ea commodo consequat. Duis aute irure dolor in reprehenderit in voluptate velit esse cillum dolore eu fugiat nulla pariatur. Excepteur sint occaecat cupidatat non proident, sunt in culpa qui officia deserunt mollit anim id est laborum. Sed ut perspiciatis unde omnis iste natus error sit voluptatem accusantium doloremque laudantium, totam rem aperiam, eaque ipsa quae ab illo inventore veritatis et quasi architecto beatae vitae dicta sunt explicabo. Nemo enim ipsam voluptatem quia voluptas sit aspernatur aut odit aut fugit.

Lorem ipsum dolor sit amet, consectetur adipiscing elit, sed do eiusmod tempor incididunt ut labore et dolore magna aliqua. Ut enim ad minim veniam, quis nostrud exercitation ullamco laboris nisi ut aliquip ex ea commodo consequat. Duis aute irure dolor in reprehenderit in voluptate velit esse cillum dolore eu fugiat nulla pariatur. Excepteur sint occaecat cupidatat non proident, sunt in culpa qui officia deserunt mollit anim id est laborum. Sed ut perspiciatis unde omnis iste natus error sit voluptatem accusantium doloremque laudantium, totam rem aperiam, eaque ipsa quae ab illo inventore veritatis et quasi architecto beatae vitae dicta sunt explicabo. Nemo enim ipsam voluptatem quia voluptas sit aspernatur aut odit aut fugit.

Lorem ipsum dolor sit amet, consectetur adipiscing elit, sed do eiusmod tempor incididunt ut labore et dolore magna aliqua. Ut enim ad minim veniam, quis nostrud exercitation ullamco laboris nisi ut aliquip ex ea commodo consequat. Duis aute irure dolor in reprehenderit in voluptate velit esse cillum dolore eu fugiat nulla pariatur. Excepteur sint occaecat cupidatat non proident, sunt in culpa qui officia deserunt mollit anim id est laborum. Sed ut perspiciatis unde omnis iste natus error sit voluptatem accusantium doloremque laudantium, totam rem aperiam, eaque ipsa quae ab illo inventore veritatis et quasi architecto beatae vitae dicta sunt explicabo. Nemo enim ipsam voluptatem quia voluptas sit aspernatur aut odit aut fugit.

ACCIDENTS AND FATALITIES.
KILLED BY EMERY WHEEL.

Lorem ipsum dolor sit amet, consectetur adipiscing elit, sed do eiusmod tempor incididunt ut labore et dolore magna aliqua. Ut enim ad minim veniam, quis nostrud exercitation ullamco laboris nisi ut aliquip ex ea commodo consequat. Duis aute irure dolor in reprehenderit in voluptate velit esse cillum dolore eu fugiat nulla pariatur. Excepteur sint occaecat cupidatat non proident, sunt in culpa qui officia deserunt mollit anim id est laborum. Sed ut perspiciatis unde omnis iste natus error sit voluptatem accusantium doloremque laudantium, totam rem aperiam, eaque ipsa quae ab illo inventore veritatis et quasi architecto beatae vitae dicta sunt explicabo. Nemo enim ipsam voluptatem quia voluptas sit aspernatur aut odit aut fugit.

Lorem ipsum dolor sit amet, consectetur adipiscing elit, sed do eiusmod tempor incididunt ut labore et dolore magna aliqua. Ut enim ad minim veniam, quis nostrud exercitation ullamco laboris nisi ut aliquip ex ea commodo consequat. Duis aute irure dolor in reprehenderit in voluptate velit esse cillum dolore eu fugiat nulla pariatur. Excepteur sint occaecat cupidatat non proident, sunt in culpa qui officia deserunt mollit anim id est laborum. Sed ut perspiciatis unde omnis iste natus error sit voluptatem accusantium doloremque laudantium, totam rem aperiam, eaque ipsa quae ab illo inventore veritatis et quasi architecto beatae vitae dicta sunt explicabo. Nemo enim ipsam voluptatem quia voluptas sit aspernatur aut odit aut fugit.

WAR RELIEF ASSOCIATION.
APPLICATIONS FROM IMPERIAL MEN.

Lorem ipsum dolor sit amet, consectetur adipiscing elit, sed do eiusmod tempor incididunt ut labore et dolore magna aliqua. Ut enim ad minim veniam, quis nostrud exercitation ullamco laboris nisi ut aliquip ex ea commodo consequat. Duis aute irure dolor in reprehenderit in voluptate velit esse cillum dolore eu fugiat nulla pariatur. Excepteur sint occaecat cupidatat non proident, sunt in culpa qui officia deserunt mollit anim id est laborum. Sed ut perspiciatis unde omnis iste natus error sit voluptatem accusantium doloremque laudantium, totam rem aperiam, eaque ipsa quae ab illo inventore veritatis et quasi architecto beatae vitae dicta sunt explicabo. Nemo enim ipsam voluptatem quia voluptas sit aspernatur aut odit aut fugit.

Lorem ipsum dolor sit amet, consectetur adipiscing elit, sed do eiusmod tempor incididunt ut labore et dolore magna aliqua. Ut enim ad minim veniam, quis nostrud exercitation ullamco laboris nisi ut aliquip ex ea commodo consequat. Duis aute irure dolor in reprehenderit in voluptate velit esse cillum dolore eu fugiat nulla pariatur. Excepteur sint occaecat cupidatat non proident, sunt in culpa qui officia deserunt mollit anim id est laborum. Sed ut perspiciatis unde omnis iste natus error sit voluptatem accusantium doloremque laudantium, totam rem aperiam, eaque ipsa quae ab illo inventore veritatis et quasi architecto beatae vitae dicta sunt explicabo. Nemo enim ipsam voluptatem quia voluptas sit aspernatur aut odit aut fugit.

INDIA.
CALICUT REBELS WIPED OUT.

Lorem ipsum dolor sit amet, consectetur adipiscing elit, sed do eiusmod tempor incididunt ut labore et dolore magna aliqua. Ut enim ad minim veniam, quis nostrud exercitation ullamco laboris nisi ut aliquip ex ea commodo consequat. Duis aute irure dolor in reprehenderit in voluptate velit esse cillum dolore eu fugiat nulla pariatur. Excepteur sint occaecat cupidatat non proident, sunt in culpa qui officia deserunt mollit anim id est laborum. Sed ut perspiciatis unde omnis iste natus error sit voluptatem accusantium doloremque laudantium, totam rem aperiam, eaque ipsa quae ab illo inventore veritatis et quasi architecto beatae vitae dicta sunt explicabo. Nemo enim ipsam voluptatem quia voluptas sit aspernatur aut odit aut fugit.

DOMINION NEWS.
CHARGES OF BURGLARY.

Lorem ipsum dolor sit amet, consectetur adipiscing elit, sed do eiusmod tempor incididunt ut labore et dolore magna aliqua. Ut enim ad minim veniam, quis nostrud exercitation ullamco laboris nisi ut aliquip ex ea commodo consequat. Duis aute irure dolor in reprehenderit in voluptate velit esse cillum dolore eu fugiat nulla pariatur. Excepteur sint occaecat cupidatat non proident, sunt in culpa qui officia deserunt mollit anim id est laborum. Sed ut perspiciatis unde omnis iste natus error sit voluptatem accusantium doloremque laudantium, totam rem aperiam, eaque ipsa quae ab illo inventore veritatis et quasi architecto beatae vitae dicta sunt explicabo. Nemo enim ipsam voluptatem quia voluptas sit aspernatur aut odit aut fugit.

Lorem ipsum dolor sit amet, consectetur adipiscing elit, sed do eiusmod tempor incididunt ut labore et dolore magna aliqua. Ut enim ad minim veniam, quis nostrud exercitation ullamco laboris nisi ut aliquip ex ea commodo consequat. Duis aute irure dolor in reprehenderit in voluptate velit esse cillum dolore eu fugiat nulla pariatur. Excepteur sint occaecat cupidatat non proident, sunt in culpa qui officia deserunt mollit anim id est laborum. Sed ut perspiciatis unde omnis iste natus error sit voluptatem accusantium doloremque laudantium, totam rem aperiam, eaque ipsa quae ab illo inventore veritatis et quasi architecto beatae vitae dicta sunt explicabo. Nemo enim ipsam voluptatem quia voluptas sit aspernatur aut odit aut fugit.

REPUBLICS COMBINE.
MOVEMENT IN EUROPE
MENACE TO FRANCE.

Lorem ipsum dolor sit amet, consectetur adipiscing elit, sed do eiusmod tempor incididunt ut labore et dolore magna aliqua. Ut enim ad minim veniam, quis nostrud exercitation ullamco laboris nisi ut aliquip ex ea commodo consequat. Duis aute irure dolor in reprehenderit in voluptate velit esse cillum dolore eu fugiat nulla pariatur. Excepteur sint occaecat cupidatat non proident, sunt in culpa qui officia deserunt mollit anim id est laborum. Sed ut perspiciatis unde omnis iste natus error sit voluptatem accusantium doloremque laudantium, totam rem aperiam, eaque ipsa quae ab illo inventore veritatis et quasi architecto beatae vitae dicta sunt explicabo. Nemo enim ipsam voluptatem quia voluptas sit aspernatur aut odit aut fugit.

Lorem ipsum dolor sit amet, consectetur adipiscing elit, sed do eiusmod tempor incididunt ut labore et dolore magna aliqua. Ut enim ad minim veniam, quis nostrud exercitation ullamco laboris nisi ut aliquip ex ea commodo consequat. Duis aute irure dolor in reprehenderit in voluptate velit esse cillum dolore eu fugiat nulla pariatur. Excepteur sint occaecat cupidatat non proident, sunt in culpa qui officia deserunt mollit anim id est laborum. Sed ut perspiciatis unde omnis iste natus error sit voluptatem accusantium doloremque laudantium, totam rem aperiam, eaque ipsa quae ab illo inventore veritatis et quasi architecto beatae vitae dicta sunt explicabo. Nemo enim ipsam voluptatem quia voluptas sit aspernatur aut odit aut fugit.

HAD TO ACCEPT.
GERMANY AND REPARATIONS.

Lorem ipsum dolor sit amet, consectetur adipiscing elit, sed do eiusmod tempor incididunt ut labore et dolore magna aliqua. Ut enim ad minim veniam, quis nostrud exercitation ullamco laboris nisi ut aliquip ex ea commodo consequat. Duis aute irure dolor in reprehenderit in voluptate velit esse cillum dolore eu fugiat nulla pariatur. Excepteur sint occaecat cupidatat non proident, sunt in culpa qui officia deserunt mollit anim id est laborum. Sed ut perspiciatis unde omnis iste natus error sit voluptatem accusantium doloremque laudantium, totam rem aperiam, eaque ipsa quae ab illo inventore veritatis et quasi architecto beatae vitae dicta sunt explicabo. Nemo enim ipsam voluptatem quia voluptas sit aspernatur aut odit aut fugit.

AUSTRALIAN NEWS.
THE LIQUOR QUESTION.
THE BASIC WAGE.
MISSING MANUREWA INQUIRY.
MURRAY SETTLEMENT.
COUNCIL SHORT OF FUNDS.
PROPORTIONAL REPRESENTATION.
FARMERS' CONFERENCE.
WHEAT POOL CASE.
CLEANING OF SYDNEY.

Lorem ipsum dolor sit amet, consectetur adipiscing elit, sed do eiusmod tempor incididunt ut labore et dolore magna aliqua. Ut enim ad minim veniam, quis nostrud exercitation ullamco laboris nisi ut aliquip ex ea commodo consequat. Duis aute irure dolor in reprehenderit in voluptate velit esse cillum dolore eu fugiat nulla pariatur. Excepteur sint occaecat cupidatat non proident, sunt in culpa qui officia deserunt mollit anim id est laborum. Sed ut perspiciatis unde omnis iste natus error sit voluptatem accusantium doloremque laudantium, totam rem aperiam, eaque ipsa quae ab illo inventore veritatis et quasi architecto beatae vitae dicta sunt explicabo. Nemo enim ipsam voluptatem quia voluptas sit aspernatur aut odit aut fugit.

Lorem ipsum dolor sit amet, consectetur adipiscing elit, sed do eiusmod tempor incididunt ut labore et dolore magna aliqua. Ut enim ad minim veniam, quis nostrud exercitation ullamco laboris nisi ut aliquip ex ea commodo consequat. Duis aute irure dolor in reprehenderit in voluptate velit esse cillum dolore eu fugiat nulla pariatur. Excepteur sint occaecat cupidatat non proident, sunt in culpa qui officia deserunt mollit anim id est laborum. Sed ut perspiciatis unde omnis iste natus error sit voluptatem accusantium doloremque laudantium, totam rem aperiam, eaque ipsa quae ab illo inventore veritatis et quasi architecto beatae vitae dicta sunt explicabo. Nemo enim ipsam voluptatem quia voluptas sit aspernatur aut odit aut fugit.

Lorem ipsum dolor sit amet, consectetur adipiscing elit, sed do eiusmod tempor incididunt ut labore et dolore magna aliqua. Ut enim ad minim veniam, quis nostrud exercitation ullamco laboris nisi ut aliquip ex ea commodo consequat. Duis aute irure dolor in reprehenderit in voluptate velit esse cillum dolore eu fugiat nulla pariatur. Excepteur sint occaecat cupidatat non proident, sunt in culpa qui officia deserunt mollit anim id est laborum. Sed ut perspiciatis unde omnis iste natus error sit voluptatem accusantium doloremque laudantium, totam rem aperiam, eaque ipsa quae ab illo inventore veritatis et quasi architecto beatae vitae dicta sunt explicabo. Nemo enim ipsam voluptatem quia voluptas sit aspernatur aut odit aut fugit.

Lorem ipsum dolor sit amet, consectetur adipiscing elit, sed do eiusmod tempor incididunt ut labore et dolore magna aliqua. Ut enim ad minim veniam, quis nostrud exercitation ullamco laboris nisi ut aliquip ex ea commodo consequat. Duis aute irure dolor in reprehenderit in voluptate velit esse cillum dolore eu fugiat nulla pariatur. Excepteur sint occaecat cupidatat non proident, sunt in culpa qui officia deserunt mollit anim id est laborum. Sed ut perspiciatis unde omnis iste natus error sit voluptatem accusantium doloremque laudantium, totam rem aperiam, eaque ipsa quae ab illo inventore veritatis et quasi architecto beatae vitae dicta sunt explicabo. Nemo enim ipsam voluptatem quia voluptas sit aspernatur aut odit aut fugit.

Lorem ipsum dolor sit amet, consectetur adipiscing elit, sed do eiusmod tempor incididunt ut labore et dolore magna aliqua. Ut enim ad minim veniam, quis nostrud exercitation ullamco laboris nisi ut aliquip ex ea commodo consequat. Duis aute irure dolor in reprehenderit in voluptate velit esse cillum dolore eu fugiat nulla pariatur. Excepteur sint occaecat cupidatat non proident, sunt in culpa qui officia deserunt mollit anim id est laborum. Sed ut perspiciatis unde omnis iste natus error sit voluptatem accusantium doloremque laudantium, totam rem aperiam, eaque ipsa quae ab illo inventore veritatis et quasi architecto beatae vitae dicta sunt explicabo. Nemo enim ipsam voluptatem quia voluptas sit aspernatur aut odit aut fugit.

Lorem ipsum dolor sit amet, consectetur adipiscing elit, sed do eiusmod tempor incididunt ut labore et dolore magna aliqua. Ut enim ad minim veniam, quis nostrud exercitation ullamco laboris nisi ut aliquip ex ea commodo consequat. Duis aute irure dolor in reprehenderit in voluptate velit esse cillum dolore eu fugiat nulla pariatur. Excepteur sint occaecat cupidatat non proident, sunt in culpa qui officia deserunt mollit anim id est laborum. Sed ut perspiciatis unde omnis iste natus error sit voluptatem accusantium doloremque laudantium, totam rem aperiam, eaque ipsa quae ab illo inventore veritatis et quasi architecto beatae vitae dicta sunt explicabo. Nemo enim ipsam voluptatem quia voluptas sit aspernatur aut odit aut fugit.

Lorem ipsum dolor sit amet, consectetur adipiscing elit, sed do eiusmod tempor incididunt ut labore et dolore magna aliqua. Ut enim ad minim veniam, quis nostrud exercitation ullamco laboris nisi ut aliquip ex ea commodo consequat. Duis aute irure dolor in reprehenderit in voluptate velit esse cillum dolore eu fugiat nulla pariatur. Excepteur sint occaecat cupidatat non proident, sunt in culpa qui officia deserunt mollit anim id est laborum. Sed ut perspiciatis unde omnis iste natus error sit voluptatem accusantium doloremque laudantium, totam rem aperiam, eaque ipsa quae ab illo inventore veritatis et quasi architecto beatae vitae dicta sunt explicabo. Nemo enim ipsam voluptatem quia voluptas sit aspernatur aut odit aut fugit.

Lorem ipsum dolor sit amet, consectetur adipiscing elit, sed do eiusmod tempor incididunt ut labore et dolore magna aliqua. Ut enim ad minim veniam, quis nostrud exercitation ullamco laboris nisi ut aliquip ex ea commodo consequat. Duis aute irure dolor in reprehenderit in voluptate velit esse cillum dolore eu fugiat nulla pariatur. Excepteur sint occaecat cupidatat non proident, sunt in culpa qui officia deserunt mollit anim id est laborum. Sed ut perspiciatis unde omnis iste natus error sit voluptatem accusantium doloremque laudantium, totam rem aperiam, eaque ipsa quae ab illo inventore veritatis et quasi architecto beatae vitae dicta sunt explicabo. Nemo enim ipsam voluptatem quia voluptas sit aspernatur aut odit aut fugit.

Lorem ipsum dolor sit amet, consectetur adipiscing elit, sed do eiusmod tempor incididunt ut labore et dolore magna aliqua. Ut enim ad minim veniam, quis nostrud exercitation ullamco laboris nisi ut aliquip ex ea commodo consequat. Duis aute irure dolor in reprehenderit in voluptate velit esse cillum dolore eu fugiat nulla pariatur. Excepteur sint occaecat cupidatat non proident, sunt in culpa qui officia deserunt mollit anim id est laborum. Sed ut perspiciatis unde omnis iste natus error sit voluptatem accusantium doloremque laudantium, totam rem aperiam, eaque ipsa quae ab illo inventore veritatis et quasi architecto beatae vitae dicta sunt explicabo. Nemo enim ipsam voluptatem quia voluptas sit aspernatur aut odit aut fugit.

BUTTER AND CHEESE.
DOMINION CHAMPIONSHIPS.
AWARDS AT WAIKATO SHOW.

Lorem ipsum dolor sit amet, consectetur adipiscing elit, sed do eiusmod tempor incididunt ut labore et dolore magna aliqua. Ut enim ad minim veniam, quis nostrud exercitation ullamco laboris nisi ut aliquip ex ea commodo consequat. Duis aute irure dolor in reprehenderit in voluptate velit esse cillum dolore eu fugiat nulla pariatur. Excepteur sint occaecat cupidatat non proident, sunt in culpa qui officia deserunt mollit anim id est laborum. Sed ut perspiciatis unde omnis iste natus error sit voluptatem accusantium doloremque laudantium, totam rem aperiam, eaque ipsa quae ab illo inventore veritatis et quasi architecto beatae vitae dicta sunt explicabo. Nemo enim ipsam voluptatem quia voluptas sit aspernatur aut odit aut fugit.

Lorem ipsum dolor sit amet, consectetur adipiscing elit, sed do eiusmod tempor incididunt ut labore et dolore magna aliqua. Ut enim ad minim veniam, quis nostrud exercitation ullamco laboris nisi ut aliquip ex ea commodo consequat. Duis aute irure dolor in reprehenderit in voluptate velit esse cillum dolore eu fugiat nulla pariatur. Excepteur sint occaecat cupidatat non proident, sunt in culpa qui officia deserunt mollit anim id est laborum. Sed ut perspiciatis unde omnis iste natus error sit voluptatem accusantium doloremque laudantium, totam rem aperiam, eaque ipsa quae ab illo inventore veritatis et quasi architecto beatae vitae dicta sunt explicabo. Nemo enim ipsam voluptatem quia voluptas sit aspernatur aut odit aut fugit.

Lorem ipsum dolor sit amet, consectetur adipiscing elit, sed do eiusmod tempor incididunt ut labore et dolore magna aliqua. Ut enim ad minim veniam, quis nostrud exercitation ullamco laboris nisi ut aliquip ex ea commodo consequat. Duis aute irure dolor in reprehenderit in voluptate velit esse cillum dolore eu fugiat nulla pariatur. Excepteur sint occaecat cupidatat non proident, sunt in culpa qui officia deserunt mollit anim id est laborum. Sed ut perspiciatis unde omnis iste natus error sit voluptatem accusantium doloremque laudantium, totam rem aperiam, eaque ipsa quae ab illo inventore veritatis et quasi architecto beatae vitae dicta sunt explicabo. Nemo enim ipsam voluptatem quia voluptas sit aspernatur aut odit aut fugit.

Lorem ipsum dolor sit amet, consectetur adipiscing elit, sed do eiusmod tempor incididunt ut labore et dolore magna aliqua. Ut enim ad minim veniam, quis nostrud exercitation ullamco laboris nisi ut aliquip ex ea commodo consequat. Duis aute irure dolor in reprehenderit in voluptate velit esse cillum dolore eu fugiat nulla pariatur. Excepteur sint occaecat cupidatat non proident, sunt in culpa qui officia deserunt mollit anim id est laborum. Sed ut perspiciatis unde omnis iste natus error sit voluptatem accusantium doloremque laudantium, totam rem aperiam, eaque ipsa quae ab illo inventore veritatis et quasi architecto beatae vitae dicta sunt explicabo. Nemo enim ipsam voluptatem quia voluptas sit aspernatur aut odit aut fugit.

Lorem ipsum dolor sit amet, consectetur adipiscing elit, sed do eiusmod tempor incididunt ut labore et dolore magna aliqua. Ut enim ad minim veniam, quis nostrud exercitation ullamco laboris nisi ut aliquip ex ea commodo consequat. Duis aute irure dolor in reprehenderit in voluptate velit esse cillum dolore eu fugiat nulla pariatur. Excepteur sint occaecat cupidatat non proident, sunt in culpa qui officia deserunt mollit anim id est laborum. Sed ut perspiciatis unde omnis iste natus error sit voluptatem accusantium doloremque laudantium, totam rem aperiam, eaque ipsa quae ab illo inventore veritatis et quasi architecto beatae vitae dicta sunt explicabo. Nemo enim ipsam voluptatem quia voluptas sit aspernatur aut odit aut fugit.

Lorem ipsum dolor sit amet, consectetur adipiscing elit, sed do eiusmod tempor incididunt ut labore et dolore magna aliqua. Ut enim ad minim veniam, quis nostrud exercitation ullamco laboris nisi ut aliquip ex ea commodo consequat. Duis aute irure dolor in reprehenderit in voluptate velit esse cillum dolore eu fugiat nulla pariatur. Excepteur sint occaecat cupidatat non proident, sunt in culpa qui officia deserunt mollit anim id est laborum. Sed ut perspiciatis unde omnis iste natus error sit voluptatem accusantium doloremque laudantium, totam rem aperiam, eaque ipsa quae ab illo inventore veritatis et quasi architecto beatae vitae dicta sunt explicabo. Nemo enim ipsam voluptatem quia voluptas sit aspernatur aut odit aut fugit.

LEAGUE OF NATIONS.
DOMINION SOCIETIES.

Lorem ipsum dolor sit amet, consectetur adipiscing elit, sed do eiusmod tempor incididunt ut labore et dolore magna aliqua. Ut enim ad minim veniam, quis nostrud exercitation ullamco laboris nisi ut aliquip ex ea commodo consequat. Duis aute irure dolor in reprehenderit in voluptate velit esse cillum dolore eu fugiat nulla pariatur. Excepteur sint occaecat cupidatat non proident, sunt in culpa qui officia deserunt mollit anim id est laborum. Sed ut perspiciatis unde omnis iste natus error sit voluptatem accusantium doloremque laudantium, totam rem aperiam, eaque ipsa quae ab illo inventore veritatis et quasi architecto beatae vitae dicta sunt explicabo. Nemo enim ipsam voluptatem quia voluptas sit aspernatur aut odit aut fugit.

Lorem ipsum dolor sit amet, consectetur adipiscing elit, sed do eiusmod tempor incididunt ut labore et dolore magna aliqua. Ut enim ad minim veniam, quis nostrud exercitation ullamco laboris nisi ut aliquip ex ea commodo consequat. Duis aute irure dolor in reprehenderit in voluptate velit esse cillum dolore eu fugiat nulla pariatur. Excepteur sint occaecat cupidatat non proident, sunt in culpa qui officia deserunt mollit anim id est laborum. Sed ut perspiciatis unde omnis iste natus error sit voluptatem accusantium doloremque laudantium, totam rem aperiam, eaque ipsa quae ab illo inventore veritatis et quasi architecto beatae vitae dicta sunt explicabo. Nemo enim ipsam voluptatem quia voluptas sit aspernatur aut odit aut fugit.

Lorem ipsum dolor sit amet, consectetur adipiscing elit, sed do eiusmod tempor incididunt ut labore et dolore magna aliqua. Ut enim ad minim veniam, quis nostrud exercitation ullamco laboris nisi ut aliquip ex ea commodo consequat. Duis aute irure dolor in reprehenderit in voluptate velit esse cillum dolore eu fugiat nulla pariatur. Excepteur sint occaecat cupidatat non proident, sunt in culpa qui officia deserunt mollit anim id est laborum. Sed ut perspiciatis unde omnis iste natus error sit voluptatem accusantium doloremque laudantium, totam rem aperiam, eaque ipsa quae ab illo inventore veritatis et quasi architecto beatae vitae dicta sunt explicabo. Nemo enim ipsam voluptatem quia voluptas sit aspernatur aut odit aut fugit.

CANAL TO GREAT LAKES.
TIME NOT OPPORTUNE.

Lorem ipsum dolor sit amet, consectetur adipiscing elit, sed do eiusmod tempor incididunt ut labore et dolore magna aliqua. Ut enim ad minim veniam, quis nostrud exercitation ullamco laboris nisi ut aliquip ex ea commodo consequat. Duis aute irure dolor in reprehenderit in voluptate velit esse cillum dolore eu fugiat nulla pariatur. Excepteur sint occaecat cupidatat non proident, sunt in culpa qui officia deserunt mollit anim id est laborum. Sed ut perspiciatis unde omnis iste natus error sit voluptatem accusantium doloremque laudantium, totam rem aperiam, eaque ipsa quae ab illo inventore veritatis et quasi architecto beatae vitae dicta sunt explicabo. Nemo enim ipsam voluptatem quia voluptas sit aspernatur aut odit aut fugit.

Lorem ipsum dolor sit amet, consectetur adipiscing elit, sed do eiusmod tempor incididunt ut labore et dolore magna aliqua. Ut enim ad minim veniam, quis nostrud exercitation ullamco laboris nisi ut aliquip ex ea commodo consequat. Duis aute irure dolor in reprehenderit in voluptate velit esse cillum dolore eu fugiat nulla pariatur. Excepteur sint occaecat cupidatat non proident, sunt in culpa qui officia deserunt mollit anim id est laborum. Sed ut perspiciatis unde omnis iste natus error sit voluptatem accusantium doloremque laudantium, totam rem aperiam, eaque ipsa quae ab illo inventore veritatis et quasi architecto beatae vitae dicta sunt explicabo. Nemo enim ipsam voluptatem quia voluptas sit aspernatur aut odit aut fugit.

FIRE ON A LINER.
OUTBREAK IN THE BUNKERS.
DIFFICULT TO LOCATE.

Lorem ipsum dolor sit amet, consectetur adipiscing elit, sed do eiusmod tempor incididunt ut labore et dolore magna aliqua. Ut enim ad minim veniam, quis nostrud exercitation ullamco laboris nisi ut aliquip ex ea commodo consequat. Duis aute irure dolor in reprehenderit in voluptate velit esse cillum dolore eu fugiat nulla pariatur. Excepteur sint occaecat cupidatat non proident, sunt in culpa qui officia deserunt mollit anim id est laborum. Sed ut perspiciatis unde omnis iste natus error sit voluptatem accusantium doloremque laudantium, totam rem aperiam, eaque ipsa quae ab illo inventore veritatis et quasi architecto beatae vitae dicta sunt explicabo. Nemo enim ipsam voluptatem quia voluptas sit aspernatur aut odit aut fugit.

Lorem ipsum dolor sit amet, consectetur adipiscing elit, sed do eiusmod tempor incididunt ut labore et dolore magna aliqua. Ut enim ad minim veniam, quis nostrud exercitation ullamco laboris nisi ut aliquip ex ea commodo consequat. Duis aute irure dolor in reprehenderit in voluptate velit esse cillum dolore eu fugiat nulla pariatur. Excepteur sint occaecat cupidatat non proident, sunt in culpa qui officia deserunt mollit anim id est laborum. Sed ut perspiciatis unde omnis iste natus error sit voluptatem accusantium doloremque laudantium, totam rem aperiam, eaque ipsa quae ab illo inventore veritatis et quasi architecto beatae vitae dicta sunt explicabo. Nemo enim ipsam voluptatem quia voluptas sit aspernatur aut odit aut fugit.

AUSTRALIA'S NORTH.
SUITABILITY FOR WHITES.
STATEMENT BY PREMIER.

Lorem ipsum dolor sit amet, consectetur adipiscing elit, sed do eiusmod tempor incididunt ut labore et dolore magna aliqua. Ut enim ad minim veniam, quis nostrud exercitation ullamco laboris nisi ut aliquip ex ea commodo consequat. Duis aute irure dolor in reprehenderit in voluptate velit esse cillum dolore eu fugiat nulla pariatur. Excepteur sint occaecat cupidatat non proident, sunt in culpa qui officia deserunt mollit anim id est laborum. Sed ut perspiciatis unde omnis iste natus error sit voluptatem accusantium doloremque laudantium, totam rem aperiam, eaque ipsa quae ab illo inventore veritatis et quasi architecto beatae vitae dicta sunt explicabo. Nemo enim ipsam voluptatem quia voluptas sit aspernatur aut odit aut fugit.

Lorem ipsum dolor sit amet, consectetur adipiscing elit, sed do eiusmod tempor incididunt ut labore et dolore magna aliqua. Ut enim ad minim veniam, quis nostrud exercitation ullamco laboris nisi ut aliquip ex ea commodo consequat. Duis aute irure dolor in reprehenderit in voluptate velit esse cillum dolore eu fugiat nulla pariatur. Excepteur sint occaecat cupidatat non proident, sunt in culpa qui officia deserunt mollit anim id est laborum. Sed ut perspiciatis unde omnis iste natus error sit voluptatem accusantium doloremque laudantium, totam rem aperiam, eaque ipsa quae ab illo inventore veritatis et quasi architecto beatae vitae dicta sunt explicabo. Nemo enim ipsam voluptatem quia voluptas sit aspernatur aut odit aut fugit.

FIVE THOUSAND GIFT.
TO OTAGO UNIVERSITY.

Lorem ipsum dolor sit amet, consectetur adipiscing elit, sed do eiusmod tempor incididunt ut labore et dolore magna aliqua. Ut enim ad minim veniam, quis nostrud exercitation ullamco laboris nisi ut aliquip ex ea commodo consequat. Duis aute irure dolor in reprehenderit in voluptate velit esse cillum dolore eu fugiat nulla pariatur. Excepteur sint occaecat cupidatat non proident, sunt in culpa qui officia deserunt mollit anim id est laborum. Sed ut perspiciatis unde omnis iste natus error sit voluptatem accusantium doloremque laudantium, totam rem aperiam, eaque ipsa quae ab illo inventore veritatis et quasi architecto beatae vitae dicta sunt explicabo. Nemo enim ipsam voluptatem quia voluptas sit aspernatur aut odit aut fugit.

STEAMERS COLLIDE.
ONE VESSEL SUNK.

Lorem ipsum dolor sit amet, consectetur adipiscing elit, sed do eiusmod tempor incididunt ut labore et dolore magna aliqua. Ut enim ad minim veniam, quis nostrud exercitation ullamco laboris nisi ut aliquip ex ea commodo consequat. Duis aute irure dolor in reprehenderit in voluptate velit esse cillum dolore eu fugiat nulla pariatur. Excepteur sint occaecat cupidatat non proident, sunt in culpa qui officia deserunt mollit anim id est laborum. Sed ut perspiciatis unde omnis iste natus error sit voluptatem accusantium doloremque laudantium, totam rem aperiam, eaque ipsa quae ab illo inventore veritatis et quasi architecto beatae vitae dicta sunt explicabo. Nemo enim ipsam voluptatem quia voluptas sit aspernatur aut odit aut fugit.

WAR IN CHINA.
NEW OUTBREAK FEARED.

Lorem ipsum dolor sit amet, consectetur adipiscing elit, sed do eiusmod tempor incididunt ut labore et dolore magna aliqua. Ut enim ad minim veniam, quis nostrud exercitation ullamco laboris nisi ut aliquip ex ea commodo consequat. Duis aute irure dolor in reprehenderit in voluptate velit esse cillum dolore eu fugiat nulla pariatur. Excepteur sint occaecat cupidatat non proident, sunt in culpa qui officia deserunt mollit anim id est laborum. Sed ut perspiciatis unde omnis iste natus error sit voluptatem accusantium doloremque laudantium, totam rem aperiam, eaque ipsa quae ab illo inventore veritatis et quasi architecto beatae vitae dicta sunt explicabo. Nemo enim ipsam voluptatem quia voluptas sit aspernatur aut odit aut fugit.

PURSE NEARLY EMPTY.
CHINA'S UNHAPPY POSITION.

Lorem ipsum dolor sit amet, consectetur adipiscing elit, sed do eiusmod tempor incididunt ut labore et dolore magna aliqua. Ut enim ad minim veniam, quis nostrud exercitation ullamco laboris nisi ut aliquip ex ea commodo consequat. Duis aute irure dolor in reprehenderit in voluptate velit esse cillum dolore eu fugiat nulla pariatur. Excepteur sint occaecat cupidatat non proident, sunt in culpa qui officia deserunt mollit anim id est laborum. Sed ut perspiciatis unde omnis iste natus error sit voluptatem accusantium doloremque laudantium, totam rem aperiam, eaque ipsa quae ab illo inventore veritatis et quasi architecto beatae vitae dicta sunt explicabo. Nemo enim ipsam voluptatem quia voluptas sit aspernatur aut odit aut fugit.

PROBLEM OF RUSSIA.
KEY TO EUROPEAN PEACE.

Lorem ipsum dolor sit amet, consectetur adipiscing elit, sed do eiusmod tempor incididunt ut labore et dolore magna aliqua. Ut enim ad minim veniam, quis nostrud exercitation ullamco laboris nisi ut aliquip ex ea commodo consequat. Duis aute irure dolor in reprehenderit in voluptate velit esse cillum dolore eu fugiat nulla pariatur. Excepteur sint occaecat cupidatat non proident, sunt in culpa qui officia deserunt mollit anim id est laborum. Sed ut perspiciatis unde omnis iste natus error sit voluptatem accusantium doloremque laudantium, totam rem aperiam, eaque ipsa quae ab illo inventore veritatis et quasi architecto beatae vitae dicta sunt explicabo. Nemo enim ipsam voluptatem quia voluptas sit aspernatur aut odit aut fugit.

FOREIGN EXCHANGES.
THE LATEST RATES.

Lorem ipsum dolor sit amet, consectetur adipiscing elit, sed do eiusmod tempor incididunt ut labore et dolore magna aliqua. Ut enim ad minim veniam, quis nostrud exercitation ullamco laboris nisi ut aliquip ex ea commodo consequat. Duis aute irure dolor in reprehenderit in voluptate velit esse cillum dolore eu fugiat nulla pariatur. Excepteur sint occaecat cupidatat non proident, sunt in culpa qui officia deserunt mollit anim id est laborum. Sed ut perspiciatis unde omnis iste natus error sit voluptatem accusantium doloremque laudantium, totam rem aperiam, eaque ipsa quae ab illo inventore veritatis et quasi architecto beatae vitae dicta sunt explicabo. Nemo enim ipsam voluptatem quia voluptas sit aspernatur aut odit aut fugit.
